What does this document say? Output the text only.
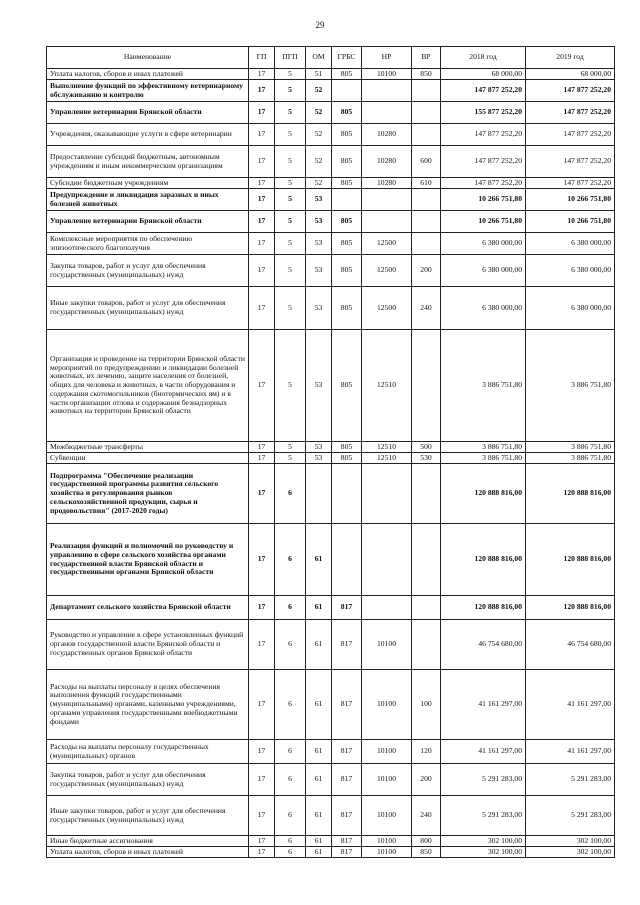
29
Наименование	ГП	ПГП	ОМ	ГРБС	НР	ВР	2018 год	2019 год
Уплата налогов, сборов и иных платежей	17	5	51	805	10100	850	68 000,00	68 000,00
Выполнение функций по эффективному ветеринарному обслуживанию и контролю	17	5	52				147 877 252,20	147 877 252,20
Управление ветеринарии Брянской области	17	5	52	805			155 877 252,20	147 877 252,20
Учреждения, оказывающие услуги в сфере ветеринарии	17	5	52	805	10280		147 877 252,20	147 877 252,20
Предоставление субсидий бюджетным, автономным учреждениям и иным некоммерческим организациям	17	5	52	805	10280	600	147 877 252,20	147 877 252,20
Субсидии бюджетным учреждениям	17	5	52	805	10280	610	147 877 252,20	147 877 252,20
Предупреждение и ликвидация заразных и иных болезней животных	17	5	53				10 266 751,80	10 266 751,80
Управление ветеринарии Брянской области	17	5	53	805			10 266 751,80	10 266 751,80
Комплексные мероприятия по обеспечению эпизоотического благополучия	17	5	53	805	12500		6 380 000,00	6 380 000,00
Закупка товаров, работ и услуг для обеспечения государственных (муниципальных) нужд	17	5	53	805	12500	200	6 380 000,00	6 380 000,00
Иные закупки товаров, работ и услуг для обеспечения государственных (муниципальных) нужд	17	5	53	805	12500	240	6 380 000,00	6 380 000,00
Организация и проведение на территории Брянской области мероприятий по предупреждению и ликвидации болезней животных, их лечению, защите населения от болезней, общих для человека и животных, в части оборудования и содержания скотомогильников (биотермических ям) и в части организации отлова и содержания безнадзорных животных на территории Брянской области	17	5	53	805	12510		3 886 751,80	3 886 751,80
Межбюджетные трансферты	17	5	53	805	12510	500	3 886 751,80	3 886 751,80
Субвенции	17	5	53	805	12510	530	3 886 751,80	3 886 751,80
Подпрограмма "Обеспечение реализации государственной программы развития сельского хозяйства и регулирования рынков сельскохозяйственной продукции, сырья и продовольствия" (2017-2020 годы)	17	6					120 888 816,00	120 888 816,00
Реализация функций и полномочий по руководству и управлению в сфере сельского хозяйства органами государственной власти Брянской области и государственными органами Брянской области	17	6	61				120 888 816,00	120 888 816,00
Департамент сельского хозяйства Брянской области	17	6	61	817			120 888 816,00	120 888 816,00
Руководство и управление в сфере установленных функций органов государственной власти Брянской области и государственных органов Брянской области	17	6	61	817	10100		46 754 680,00	46 754 680,00
Расходы на выплаты персоналу в целях обеспечения выполнения функций государственными (муниципальными) органами, казенными учреждениями, органами управления государственными внебюджетными фондами	17	6	61	817	10100	100	41 161 297,00	41 161 297,00
Расходы на выплаты персоналу государственных (муниципальных) органов	17	6	61	817	10100	120	41 161 297,00	41 161 297,00
Закупка товаров, работ и услуг для обеспечения государственных (муниципальных) нужд	17	6	61	817	10100	200	5 291 283,00	5 291 283,00
Иные закупки товаров, работ и услуг для обеспечения государственных (муниципальных) нужд	17	6	61	817	10100	240	5 291 283,00	5 291 283,00
Иные бюджетные ассигнования	17	6	61	817	10100	800	302 100,00	302 100,00
Уплата налогов, сборов и иных платежей	17	6	61	817	10100	850	302 100,00	302 100,00
